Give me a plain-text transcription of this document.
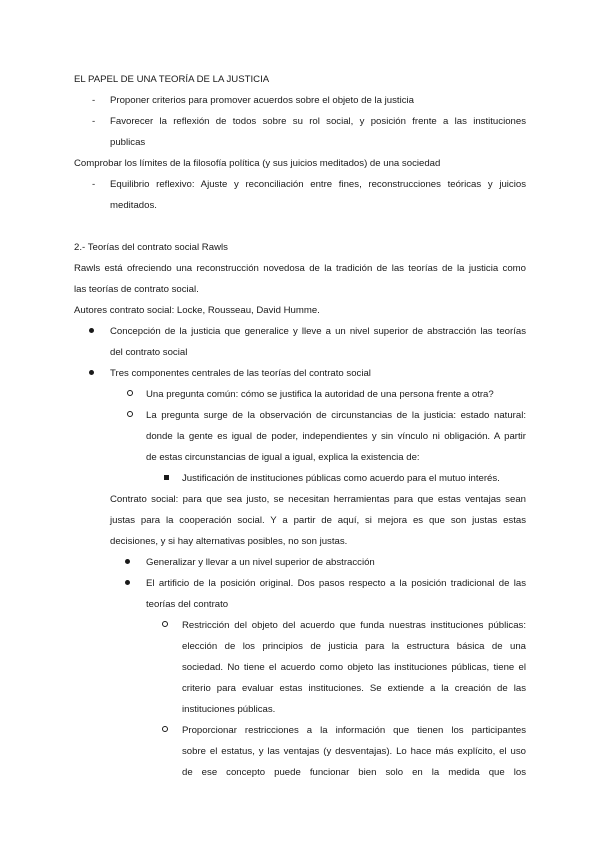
EL PAPEL DE UNA TEORÍA DE LA JUSTICIA
- Proponer criterios para promover acuerdos sobre el objeto de la justicia
- Favorecer la reflexión de todos sobre su rol social, y posición frente a las instituciones
publicas
Comprobar los límites de la filosofía política (y sus juicios meditados) de una sociedad
- Equilibrio reflexivo: Ajuste y reconciliación entre fines, reconstrucciones teóricas y juicios
meditados.
2.- Teorías del contrato social Rawls
Rawls está ofreciendo una reconstrucción novedosa de la tradición de las teorías de la justicia como
las teorías de contrato social.
Autores contrato social: Locke, Rousseau, David Humme.
Concepción de la justicia que generalice y lleve a un nivel superior de abstracción las teorías
del contrato social
Tres componentes centrales de las teorías del contrato social
Una pregunta común: cómo se justifica la autoridad de una persona frente a otra?
La pregunta surge de la observación de circunstancias de la justicia: estado natural:
donde la gente es igual de poder, independientes y sin vínculo ni obligación. A partir
de estas circunstancias de igual a igual, explica la existencia de:
Justificación de instituciones públicas como acuerdo para el mutuo interés.
Contrato social: para que sea justo, se necesitan herramientas para que estas ventajas sean
justas para la cooperación social. Y a partir de aquí, si mejora es que son justas estas
decisiones, y si hay alternativas posibles, no son justas.
Generalizar y llevar a un nivel superior de abstracción
El artificio de la posición original. Dos pasos respecto a la posición tradicional de las
teorías del contrato
Restricción del objeto del acuerdo que funda nuestras instituciones públicas:
elección de los principios de justicia para la estructura básica de una
sociedad. No tiene el acuerdo como objeto las instituciones públicas, tiene el
criterio para evaluar estas instituciones. Se extiende a la creación de las
instituciones públicas.
Proporcionar restricciones a la información que tienen los participantes
sobre el estatus, y las ventajas (y desventajas). Lo hace más explícito, el uso
de ese concepto puede funcionar bien solo en la medida que los
